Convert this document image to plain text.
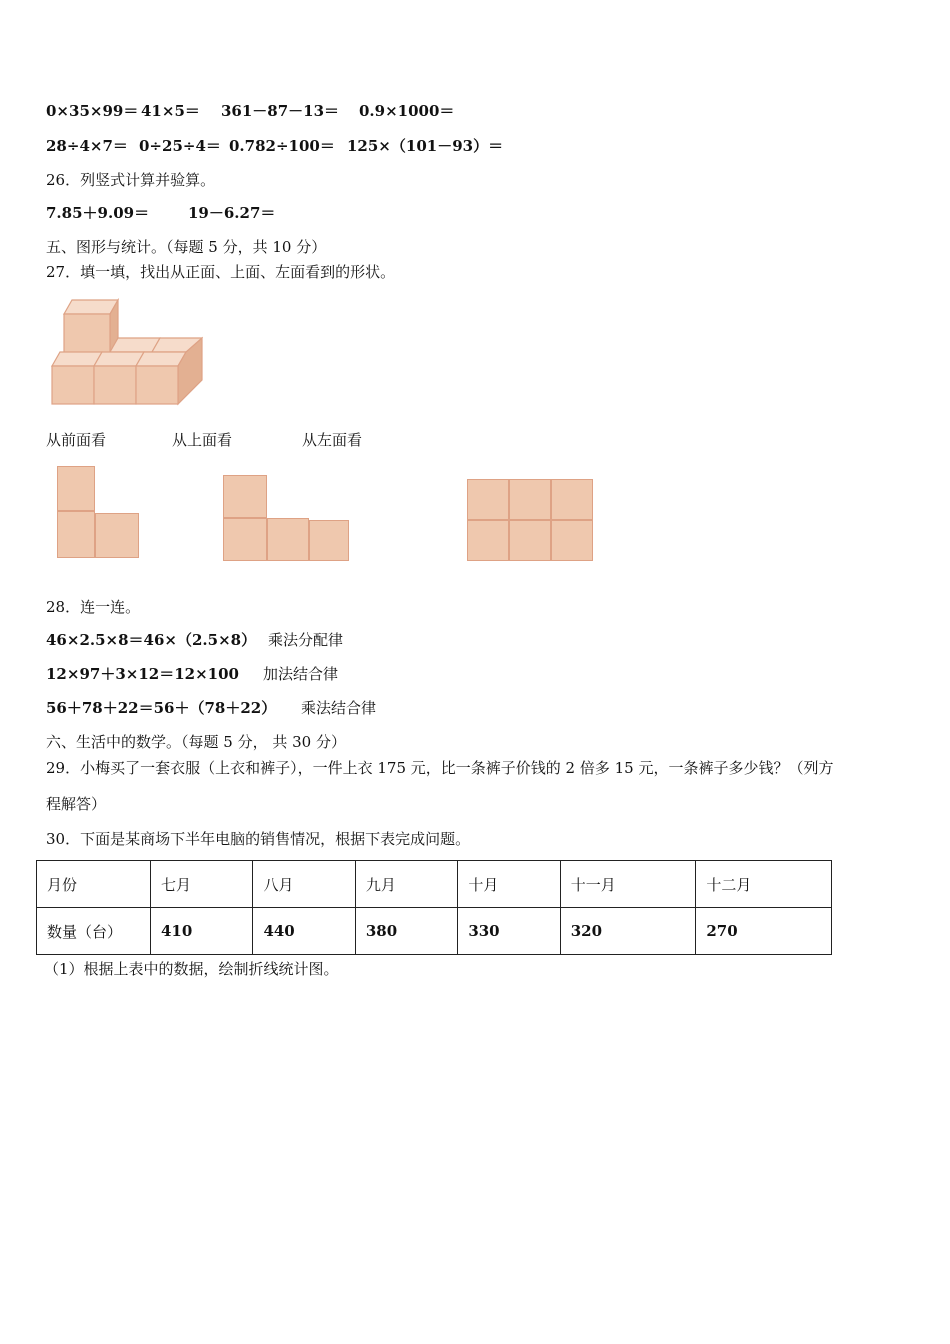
0×35×99＝ 41×5＝ 361－87－13＝ 0.9×1000＝
28÷4×7＝ 0÷25÷4＝ 0.782÷100＝ 125×（101－93）＝
26．列竖式计算并验算。
7.85＋9.09＝	19－6.27＝
五、图形与统计。（每题 5 分，共 10 分）
27．填一填，找出从正面、上面、左面看到的形状。
从前面看	从上面看	从左面看
28．连一连。
46×2.5×8＝46×（2.5×8） 乘法分配律
12×97＋3×12＝12×100 加法结合律
56＋78＋22＝56＋（78＋22） 乘法结合律
六、生活中的数学。（每题 5 分， 共 30 分）
29．小梅买了一套衣服（上衣和裤子），一件上衣 175 元，比一条裤子价钱的 2 倍多 15 元，一条裤子多少钱？（列方
程解答）
30．下面是某商场下半年电脑的销售情况，根据下表完成问题。
月份	七月	八月	九月	十月	十一月	十二月
数量（台）	410	440	380	330	320	270
（1）根据上表中的数据，绘制折线统计图。
